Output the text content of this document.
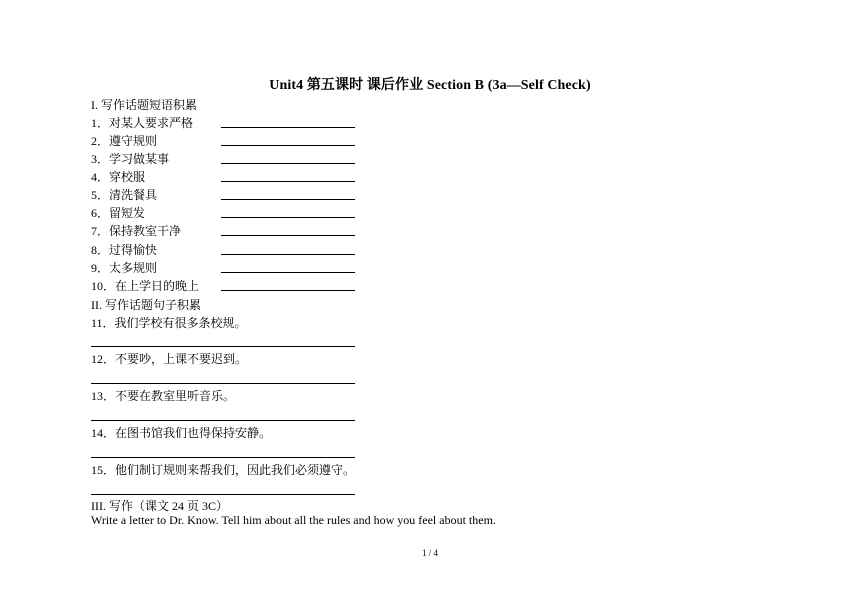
Unit4 第五课时 课后作业 Section B (3a—Self Check)
I. 写作话题短语积累
1．对某人要求严格
2．遵守规则
3．学习做某事
4．穿校服
5．清洗餐具
6．留短发
7．保持教室干净
8．过得愉快
9．太多规则
10．在上学日的晚上
II. 写作话题句子积累
11．我们学校有很多条校规。
12．不要吵，上课不要迟到。
13．不要在教室里听音乐。
14．在图书馆我们也得保持安静。
15．他们制订规则来帮我们，因此我们必须遵守。
III. 写作（课文 24 页 3C）
Write a letter to Dr. Know. Tell him about all the rules and how you feel about them.
1 / 4
